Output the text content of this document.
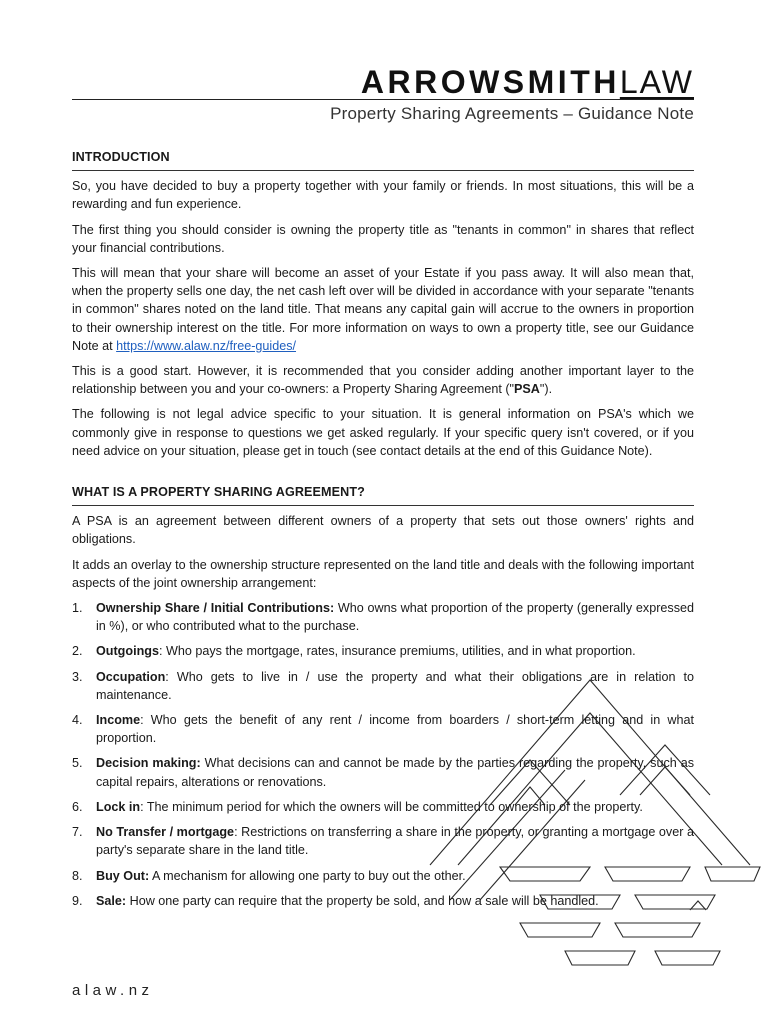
ARROWSMITHLAW
Property Sharing Agreements – Guidance Note
INTRODUCTION

So, you have decided to buy a property together with your family or friends. In most situations, this will be a rewarding and fun experience.

The first thing you should consider is owning the property title as "tenants in common" in shares that reflect your financial contributions.

This will mean that your share will become an asset of your Estate if you pass away. It will also mean that, when the property sells one day, the net cash left over will be divided in accordance with your separate "tenants in common" shares noted on the land title. That means any capital gain will accrue to the owners in proportion to their ownership interest on the title. For more information on ways to own a property title, see our Guidance Note at https://www.alaw.nz/free-guides/

This is a good start. However, it is recommended that you consider adding another important layer to the relationship between you and your co-owners: a Property Sharing Agreement ("PSA").

The following is not legal advice specific to your situation. It is general information on PSA's which we commonly give in response to questions we get asked regularly. If your specific query isn't covered, or if you need advice on your situation, please get in touch (see contact details at the end of this Guidance Note).

WHAT IS A PROPERTY SHARING AGREEMENT?

A PSA is an agreement between different owners of a property that sets out those owners' rights and obligations.

It adds an overlay to the ownership structure represented on the land title and deals with the following important aspects of the joint ownership arrangement:

1. Ownership Share / Initial Contributions: Who owns what proportion of the property (generally expressed in %), or who contributed what to the purchase.
2. Outgoings: Who pays the mortgage, rates, insurance premiums, utilities, and in what proportion.
3. Occupation: Who gets to live in / use the property and what their obligations are in relation to maintenance.
4. Income: Who gets the benefit of any rent / income from boarders / short-term letting and in what proportion.
5. Decision making: What decisions can and cannot be made by the parties regarding the property, such as capital repairs, alterations or renovations.
6. Lock in: The minimum period for which the owners will be committed to ownership of the property.
7. No Transfer / mortgage: Restrictions on transferring a share in the property, or granting a mortgage over a party's separate share in the land title.
8. Buy Out: A mechanism for allowing one party to buy out the other.
9. Sale: How one party can require that the property be sold, and how a sale will be handled.
alaw.nz
